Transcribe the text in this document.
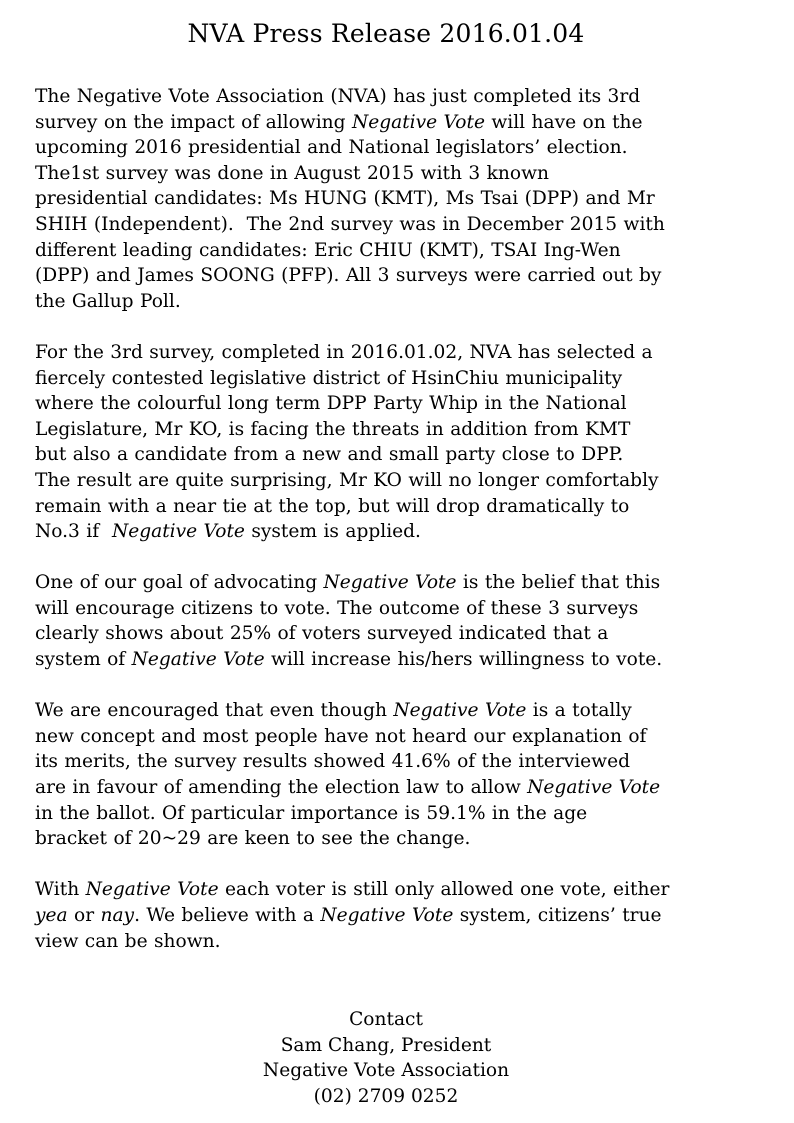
NVA Press Release 2016.01.04

The Negative Vote Association (NVA) has just completed its 3rd
survey on the impact of allowing Negative Vote will have on the
upcoming 2016 presidential and National legislators’ election.
The1st survey was done in August 2015 with 3 known
presidential candidates: Ms HUNG (KMT), Ms Tsai (DPP) and Mr
SHIH (Independent).  The 2nd survey was in December 2015 with
different leading candidates: Eric CHIU (KMT), TSAI Ing-Wen
(DPP) and James SOONG (PFP). All 3 surveys were carried out by
the Gallup Poll.

For the 3rd survey, completed in 2016.01.02, NVA has selected a
fiercely contested legislative district of HsinChiu municipality
where the colourful long term DPP Party Whip in the National
Legislature, Mr KO, is facing the threats in addition from KMT
but also a candidate from a new and small party close to DPP.
The result are quite surprising, Mr KO will no longer comfortably
remain with a near tie at the top, but will drop dramatically to
No.3 if  Negative Vote system is applied.

One of our goal of advocating Negative Vote is the belief that this
will encourage citizens to vote. The outcome of these 3 surveys
clearly shows about 25% of voters surveyed indicated that a
system of Negative Vote will increase his/hers willingness to vote.

We are encouraged that even though Negative Vote is a totally
new concept and most people have not heard our explanation of
its merits, the survey results showed 41.6% of the interviewed
are in favour of amending the election law to allow Negative Vote
in the ballot. Of particular importance is 59.1% in the age
bracket of 20~29 are keen to see the change.

With Negative Vote each voter is still only allowed one vote, either
yea or nay. We believe with a Negative Vote system, citizens’ true
view can be shown.

Contact
Sam Chang, President
Negative Vote Association
(02) 2709 0252
